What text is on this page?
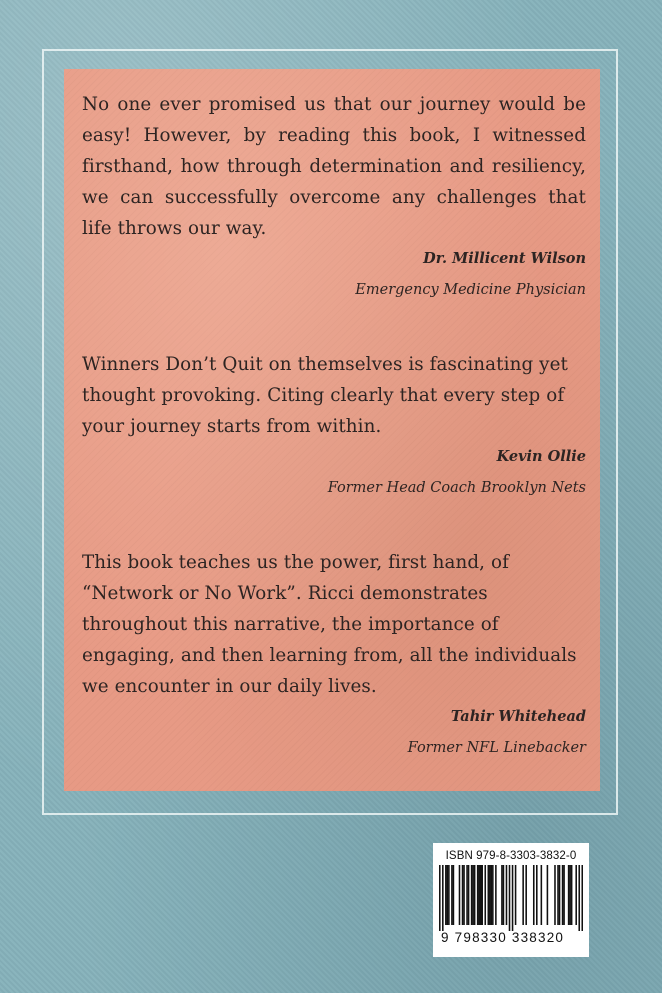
No one ever promised us that our journey would be easy! However, by reading this book, I witnessed firsthand, how through determination and resiliency, we can successfully overcome any challenges that life throws our way.

Dr. Millicent Wilson

Emergency Medicine Physician

Winners Don’t Quit on themselves is fascinating yet thought provoking. Citing clearly that every step of your journey starts from within.

Kevin Ollie

Former Head Coach Brooklyn Nets

This book teaches us the power, first hand, of “Network or No Work”. Ricci demonstrates throughout this narrative, the importance of engaging, and then learning from, all the individuals we encounter in our daily lives.

Tahir Whitehead

Former NFL Linebacker

ISBN 979-8-3303-3832-0

9 798330 338320
